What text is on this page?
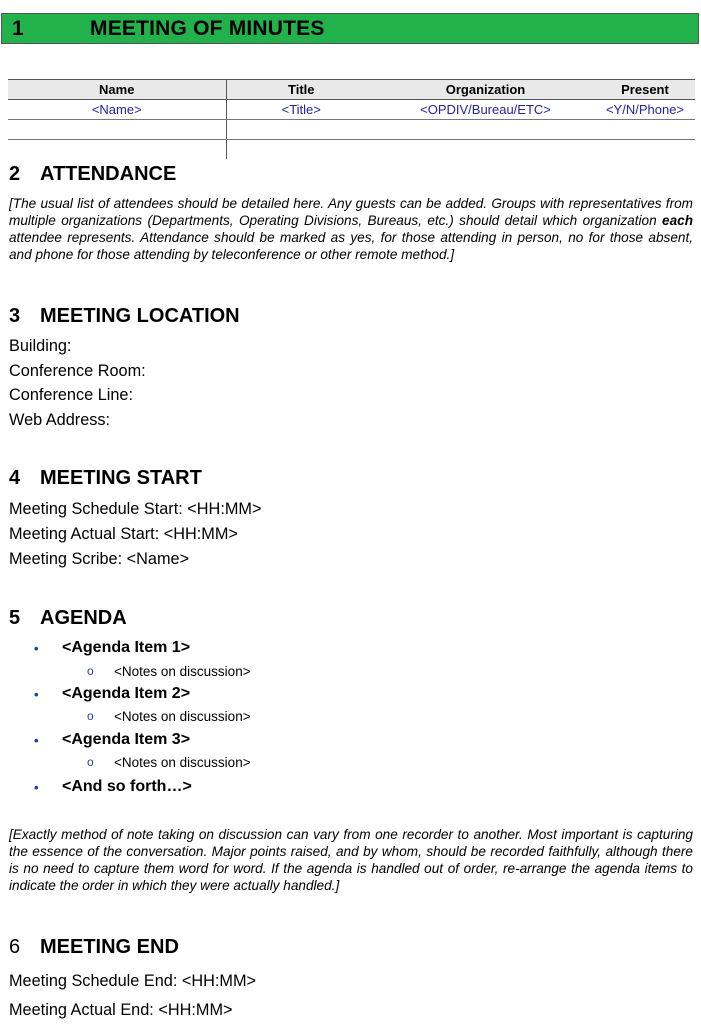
1	MEETING OF MINUTES
Name	Title	Organization	Present
<Name>	<Title>	<OPDIV/Bureau/ETC>	<Y/N/Phone>

2 ATTENDANCE
[The usual list of attendees should be detailed here. Any guests can be added. Groups with representatives from multiple organizations (Departments, Operating Divisions, Bureaus, etc.) should detail which organization each attendee represents. Attendance should be marked as yes, for those attending in person, no for those absent, and phone for those attending by teleconference or other remote method.]
3 MEETING LOCATION
Building:
Conference Room:
Conference Line:
Web Address:
4 MEETING START
Meeting Schedule Start: <HH:MM>
Meeting Actual Start: <HH:MM>
Meeting Scribe: <Name>
5 AGENDA
• <Agenda Item 1>
o <Notes on discussion>
• <Agenda Item 2>
o <Notes on discussion>
• <Agenda Item 3>
o <Notes on discussion>
• <And so forth…>
[Exactly method of note taking on discussion can vary from one recorder to another. Most important is capturing the essence of the conversation. Major points raised, and by whom, should be recorded faithfully, although there is no need to capture them word for word. If the agenda is handled out of order, re-arrange the agenda items to indicate the order in which they were actually handled.]
6 MEETING END
Meeting Schedule End: <HH:MM>
Meeting Actual End: <HH:MM>
